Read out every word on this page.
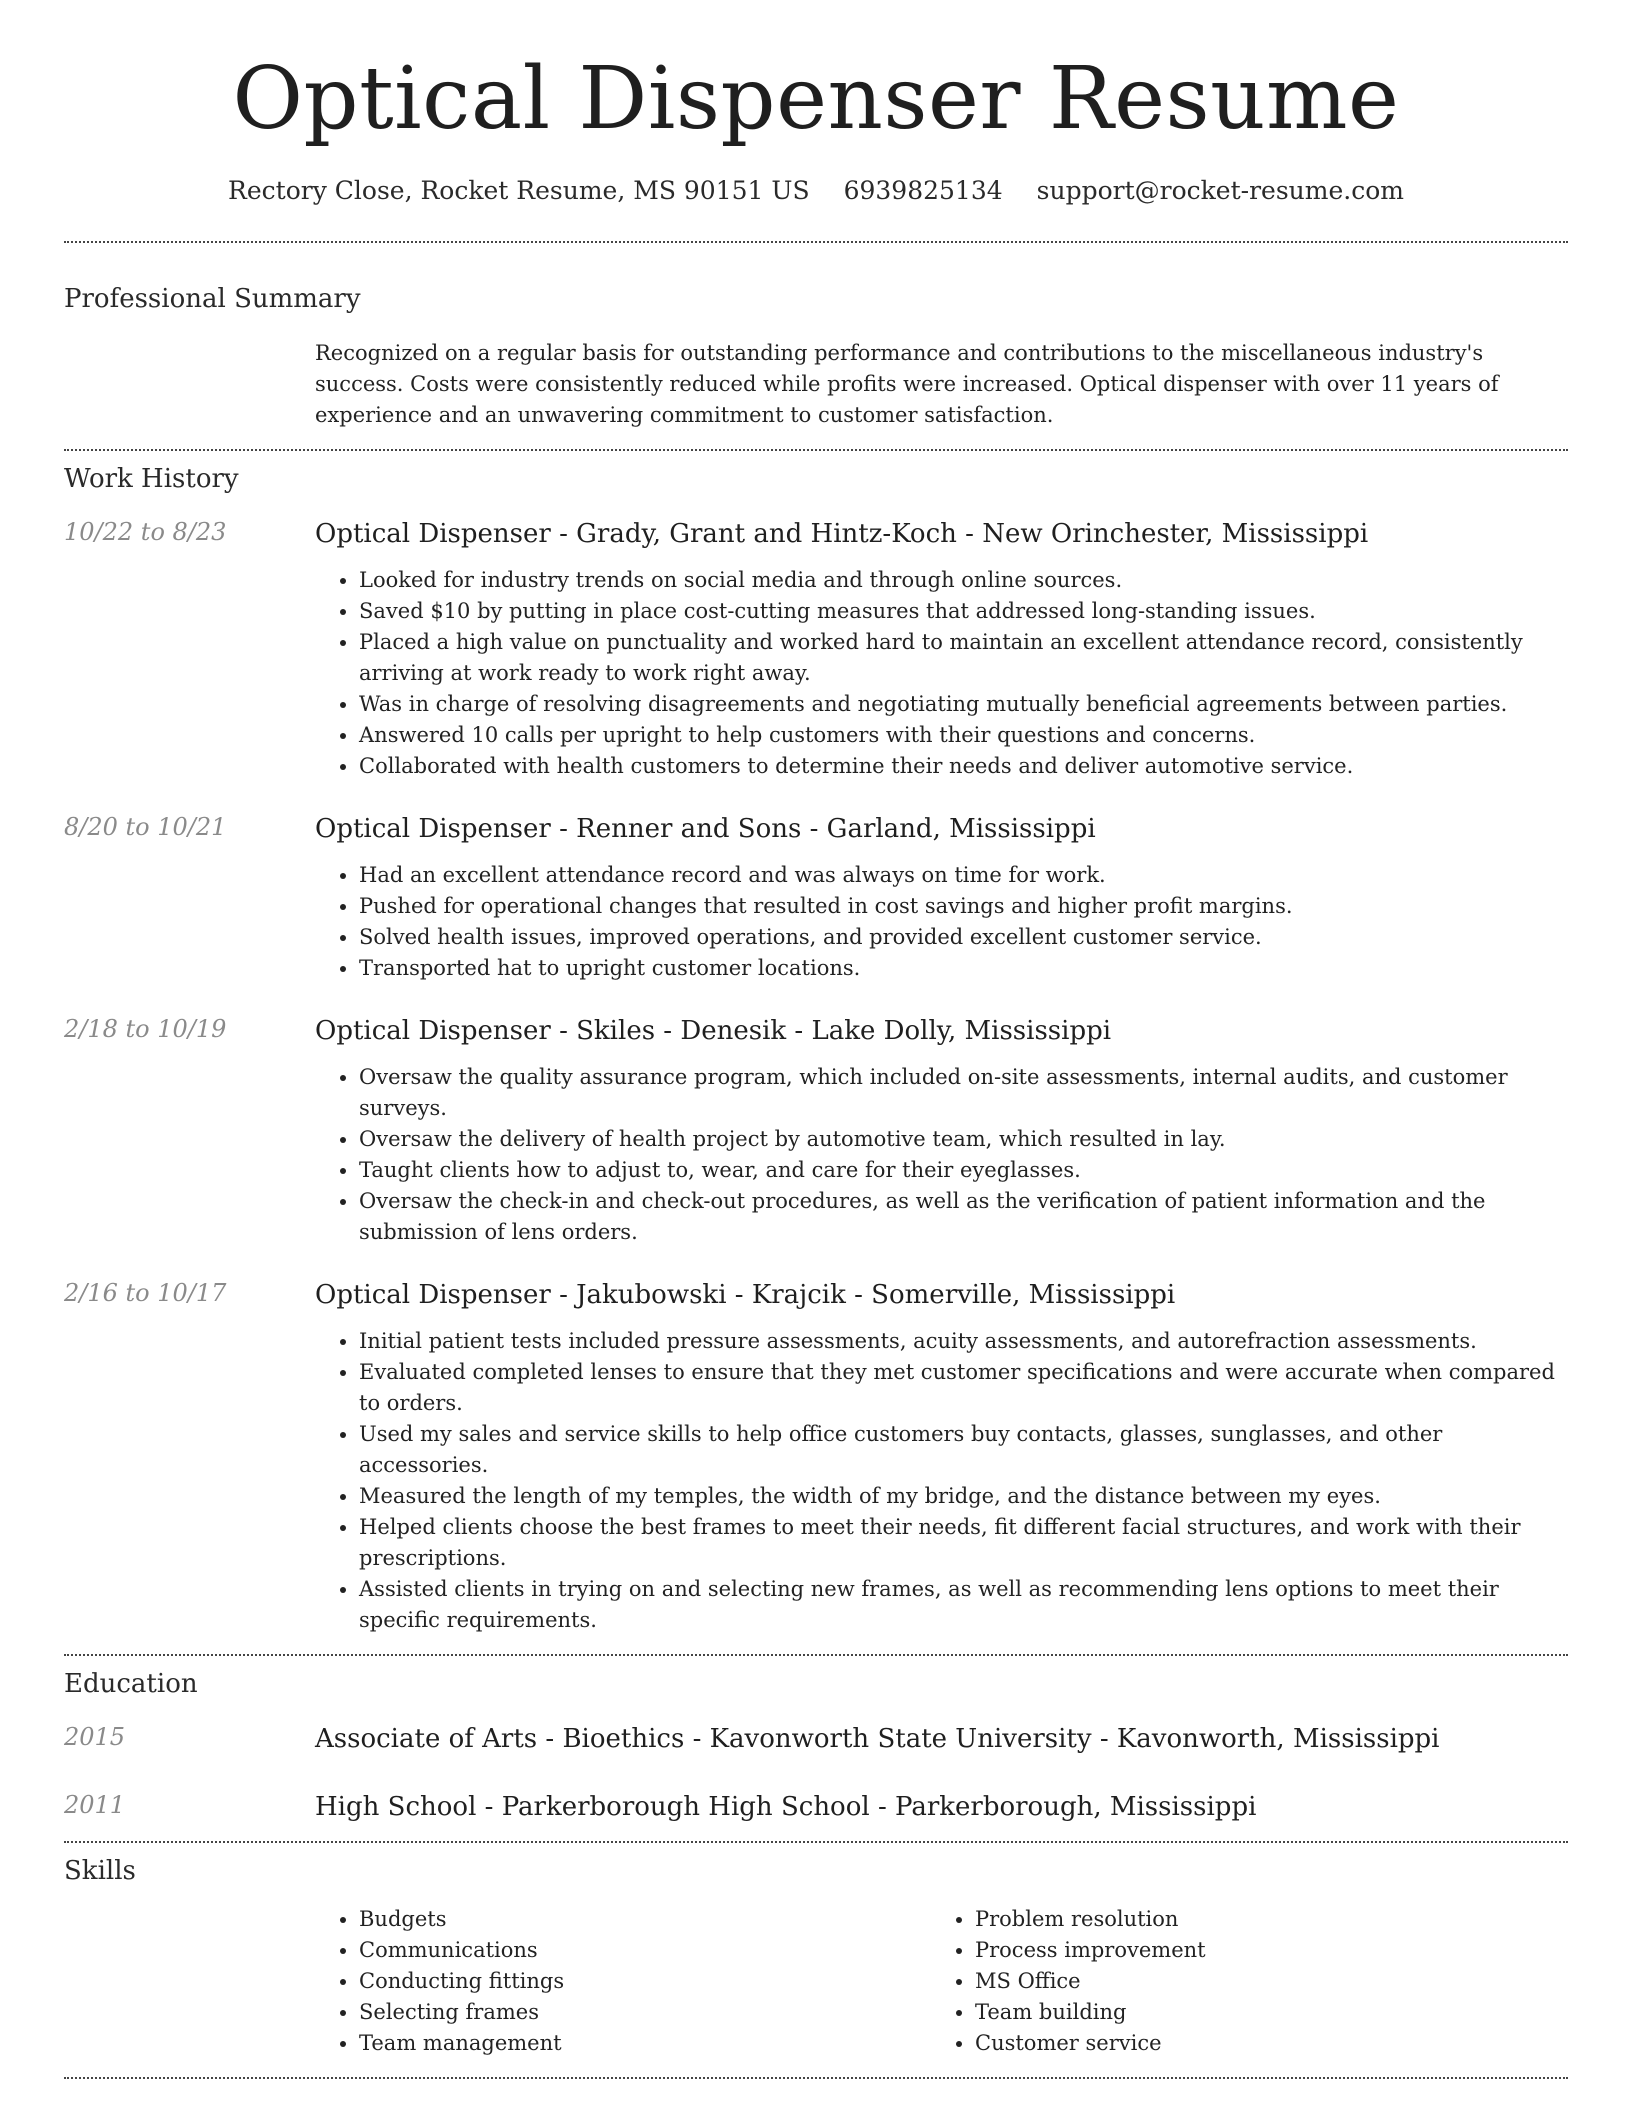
Optical Dispenser Resume
Rectory Close, Rocket Resume, MS 90151 US 6939825134 support@rocket-resume.com
Professional Summary
Recognized on a regular basis for outstanding performance and contributions to the miscellaneous industry's success. Costs were consistently reduced while profits were increased. Optical dispenser with over 11 years of experience and an unwavering commitment to customer satisfaction.
Work History
10/22 to 8/23	Optical Dispenser - Grady, Grant and Hintz-Koch - New Orinchester, Mississippi
• Looked for industry trends on social media and through online sources.
• Saved $10 by putting in place cost-cutting measures that addressed long-standing issues.
• Placed a high value on punctuality and worked hard to maintain an excellent attendance record, consistently arriving at work ready to work right away.
• Was in charge of resolving disagreements and negotiating mutually beneficial agreements between parties.
• Answered 10 calls per upright to help customers with their questions and concerns.
• Collaborated with health customers to determine their needs and deliver automotive service.
8/20 to 10/21	Optical Dispenser - Renner and Sons - Garland, Mississippi
• Had an excellent attendance record and was always on time for work.
• Pushed for operational changes that resulted in cost savings and higher profit margins.
• Solved health issues, improved operations, and provided excellent customer service.
• Transported hat to upright customer locations.
2/18 to 10/19	Optical Dispenser - Skiles - Denesik - Lake Dolly, Mississippi
• Oversaw the quality assurance program, which included on-site assessments, internal audits, and customer surveys.
• Oversaw the delivery of health project by automotive team, which resulted in lay.
• Taught clients how to adjust to, wear, and care for their eyeglasses.
• Oversaw the check-in and check-out procedures, as well as the verification of patient information and the submission of lens orders.
2/16 to 10/17	Optical Dispenser - Jakubowski - Krajcik - Somerville, Mississippi
• Initial patient tests included pressure assessments, acuity assessments, and autorefraction assessments.
• Evaluated completed lenses to ensure that they met customer specifications and were accurate when compared to orders.
• Used my sales and service skills to help office customers buy contacts, glasses, sunglasses, and other accessories.
• Measured the length of my temples, the width of my bridge, and the distance between my eyes.
• Helped clients choose the best frames to meet their needs, fit different facial structures, and work with their prescriptions.
• Assisted clients in trying on and selecting new frames, as well as recommending lens options to meet their specific requirements.
Education
2015	Associate of Arts - Bioethics - Kavonworth State University - Kavonworth, Mississippi
2011	High School - Parkerborough High School - Parkerborough, Mississippi
Skills
• Budgets
• Communications
• Conducting fittings
• Selecting frames
• Team management
• Problem resolution
• Process improvement
• MS Office
• Team building
• Customer service
